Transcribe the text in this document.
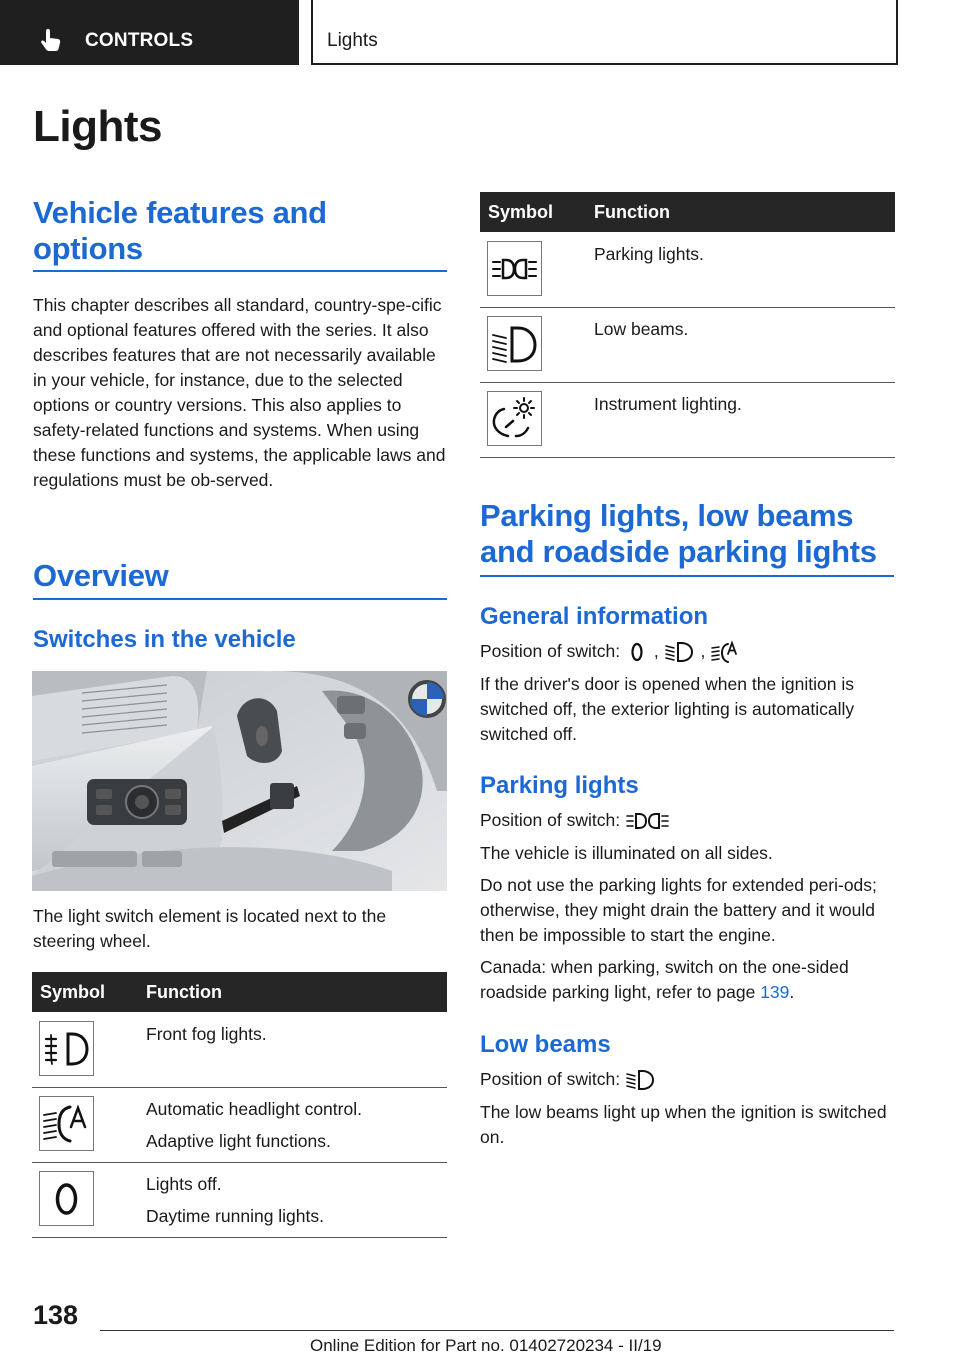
CONTROLS	Lights
Lights
Vehicle features and options

This chapter describes all standard, country-spe-cific and optional features offered with the series. It also describes features that are not necessarily available in your vehicle, for instance, due to the selected options or country versions. This also applies to safety-related functions and systems. When using these functions and systems, the applicable laws and regulations must be ob-served.

Overview
Switches in the vehicle

The light switch element is located next to the steering wheel.

Symbol Function
Front fog lights.
Automatic headlight control.
Adaptive light functions.
Lights off.
Daytime running lights.
Symbol Function
Parking lights.
Low beams.
Instrument lighting.
Parking lights, low beams and roadside parking lights
General information

Position of switch: , ,

If the driver's door is opened when the ignition is switched off, the exterior lighting is automatically switched off.

Parking lights

Position of switch:

The vehicle is illuminated on all sides.

Do not use the parking lights for extended peri-ods; otherwise, they might drain the battery and it would then be impossible to start the engine.

Canada: when parking, switch on the one-sided roadside parking light, refer to page 139.

Low beams

Position of switch:

The low beams light up when the ignition is switched on.

138
Online Edition for Part no. 01402720234 - II/19
